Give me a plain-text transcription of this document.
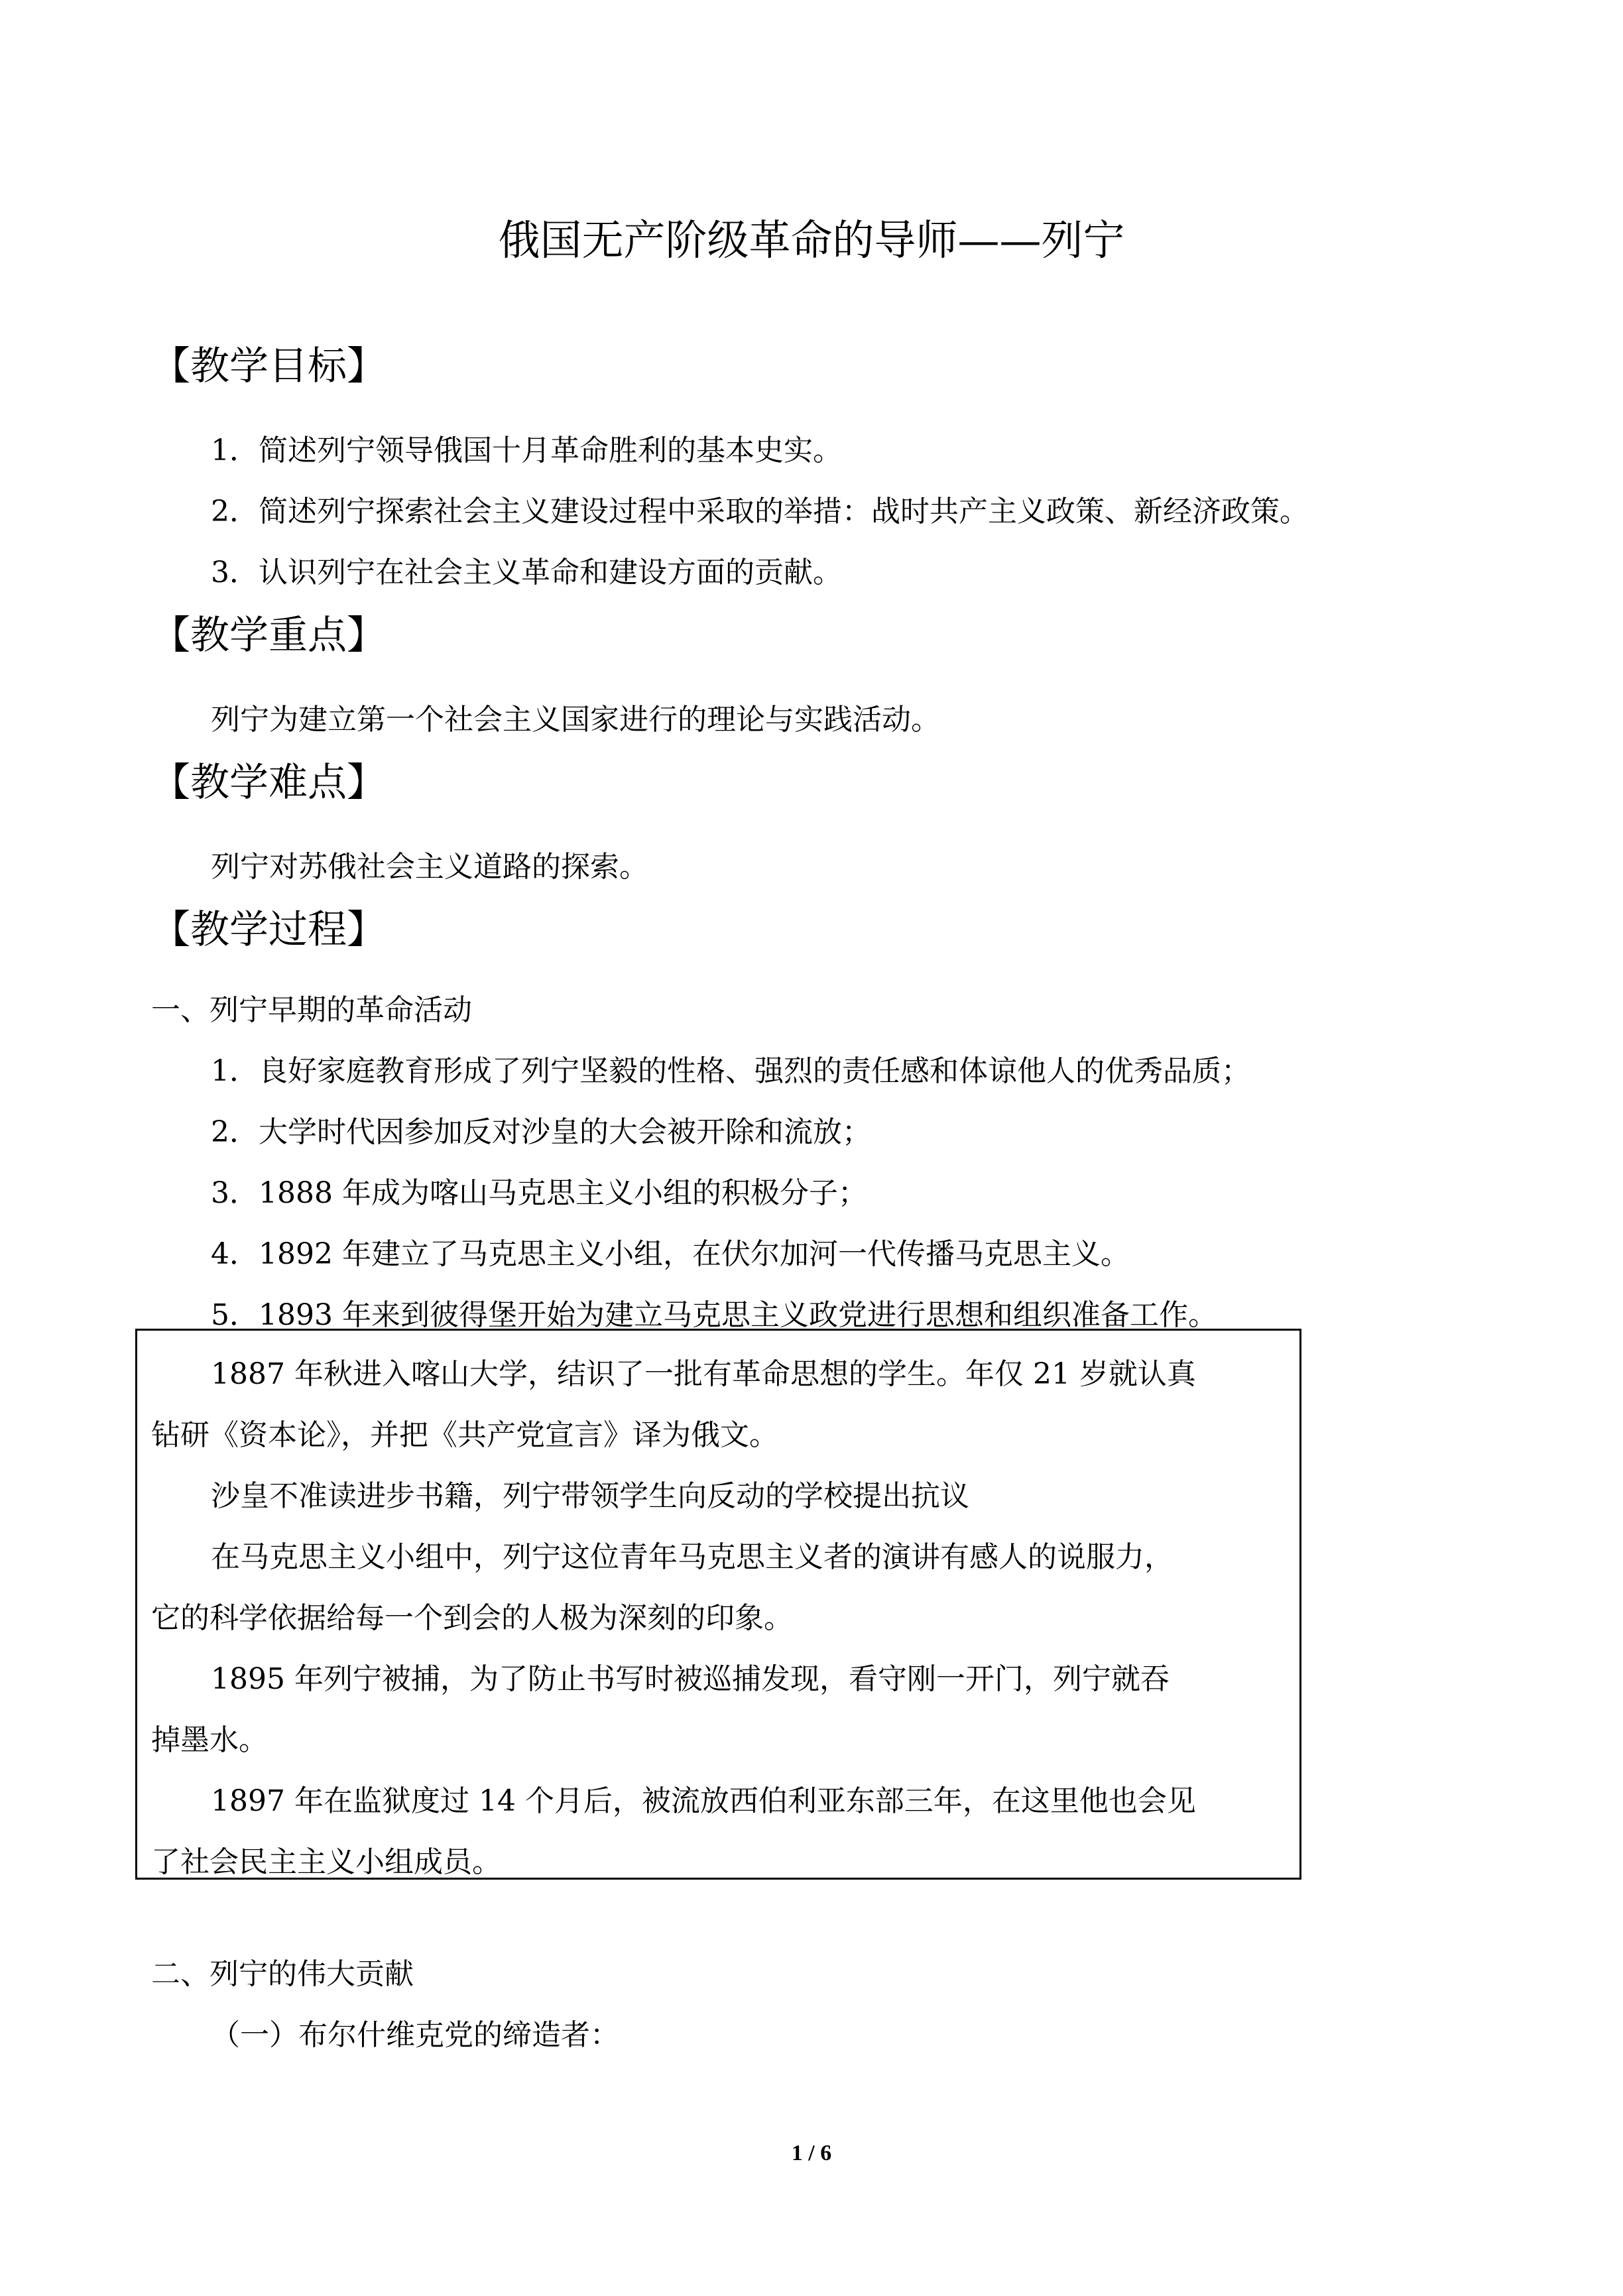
俄国无产阶级革命的导师——列宁
【教学目标】
1．简述列宁领导俄国十月革命胜利的基本史实。
2．简述列宁探索社会主义建设过程中采取的举措：战时共产主义政策、新经济政策。
3．认识列宁在社会主义革命和建设方面的贡献。
【教学重点】
列宁为建立第一个社会主义国家进行的理论与实践活动。
【教学难点】
列宁对苏俄社会主义道路的探索。
【教学过程】
一、列宁早期的革命活动
1．良好家庭教育形成了列宁坚毅的性格、强烈的责任感和体谅他人的优秀品质；
2．大学时代因参加反对沙皇的大会被开除和流放；
3．1888 年成为喀山马克思主义小组的积极分子；
4．1892 年建立了马克思主义小组，在伏尔加河一代传播马克思主义。
5．1893 年来到彼得堡开始为建立马克思主义政党进行思想和组织准备工作。
1887 年秋进入喀山大学，结识了一批有革命思想的学生。年仅 21 岁就认真
钻研《资本论》，并把《共产党宣言》译为俄文。
沙皇不准读进步书籍，列宁带领学生向反动的学校提出抗议
在马克思主义小组中，列宁这位青年马克思主义者的演讲有感人的说服力，
它的科学依据给每一个到会的人极为深刻的印象。
1895 年列宁被捕，为了防止书写时被巡捕发现，看守刚一开门，列宁就吞
掉墨水。
1897 年在监狱度过 14 个月后，被流放西伯利亚东部三年，在这里他也会见
了社会民主主义小组成员。
二、列宁的伟大贡献
（一）布尔什维克党的缔造者：
1 / 6
